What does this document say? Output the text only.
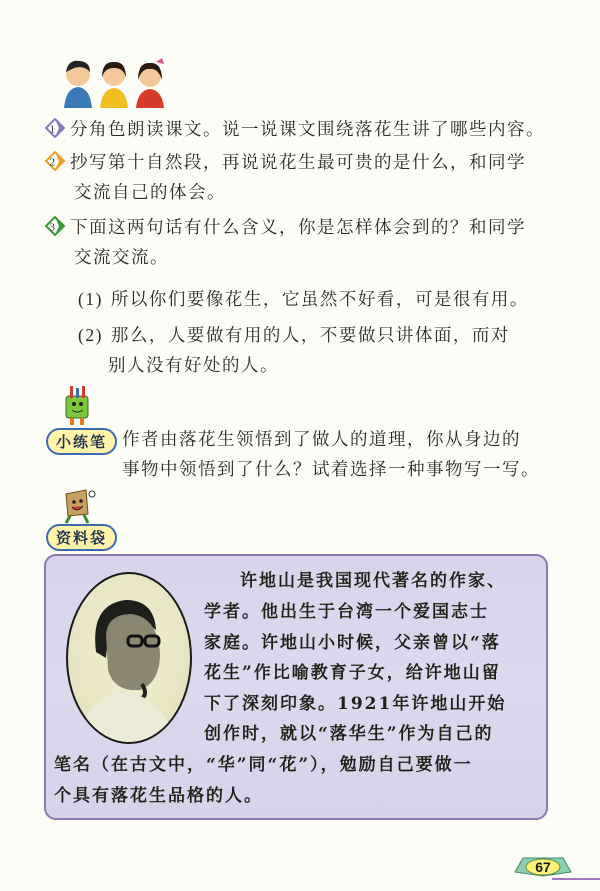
1 分角色朗读课文。说一说课文围绕落花生讲了哪些内容。
2 抄写第十自然段，再说说花生最可贵的是什么，和同学
交流自己的体会。
3 下面这两句话有什么含义，你是怎样体会到的？和同学
交流交流。
(1) 所以你们要像花生，它虽然不好看，可是很有用。
(2) 那么，人要做有用的人，不要做只讲体面，而对
别人没有好处的人。
小练笔 作者由落花生领悟到了做人的道理，你从身边的
事物中领悟到了什么？试着选择一种事物写一写。
资料袋
许地山是我国现代著名的作家、
学者。他出生于台湾一个爱国志士
家庭。许地山小时候，父亲曾以“落
花生”作比喻教育子女，给许地山留
下了深刻印象。1921年许地山开始
创作时，就以“落华生”作为自己的
笔名（在古文中，“华”同“花”），勉励自己要做一
个具有落花生品格的人。
67
